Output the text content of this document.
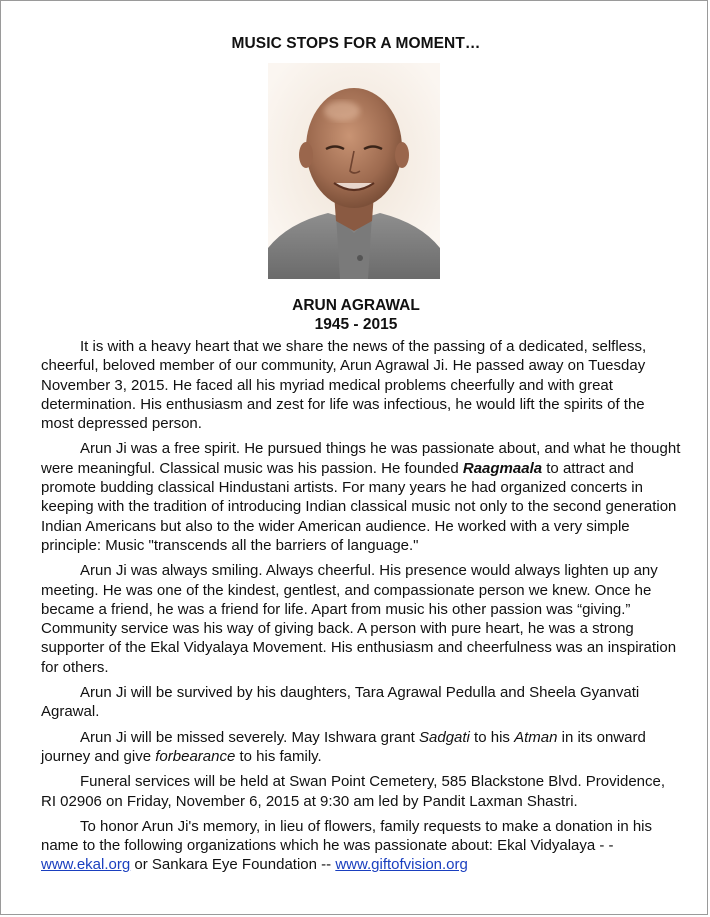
MUSIC STOPS FOR A MOMENT…
ARUN AGRAWAL
1945 - 2015

It is with a heavy heart that we share the news of the passing of a dedicated, selfless, cheerful, beloved member of our community, Arun Agrawal Ji. He passed away on Tuesday November 3, 2015. He faced all his myriad medical problems cheerfully and with great determination. His enthusiasm and zest for life was infectious, he would lift the spirits of the most depressed person.

Arun Ji was a free spirit. He pursued things he was passionate about, and what he thought were meaningful. Classical music was his passion. He founded Raagmaala to attract and promote budding classical Hindustani artists. For many years he had organized concerts in keeping with the tradition of introducing Indian classical music not only to the second generation Indian Americans but also to the wider American audience. He worked with a very simple principle: Music "transcends all the barriers of language."

Arun Ji was always smiling. Always cheerful. His presence would always lighten up any meeting. He was one of the kindest, gentlest, and compassionate person we knew. Once he became a friend, he was a friend for life. Apart from music his other passion was “giving.” Community service was his way of giving back. A person with pure heart, he was a strong supporter of the Ekal Vidyalaya Movement. His enthusiasm and cheerfulness was an inspiration for others.

Arun Ji will be survived by his daughters, Tara Agrawal Pedulla and Sheela Gyanvati Agrawal.

Arun Ji will be missed severely. May Ishwara grant Sadgati to his Atman in its onward journey and give forbearance to his family.

Funeral services will be held at Swan Point Cemetery, 585 Blackstone Blvd. Providence, RI 02906 on Friday, November 6, 2015 at 9:30 am led by Pandit Laxman Shastri.

To honor Arun Ji's memory, in lieu of flowers, family requests to make a donation in his name to the following organizations which he was passionate about: Ekal Vidyalaya - - www.ekal.org or Sankara Eye Foundation -- www.giftofvision.org
